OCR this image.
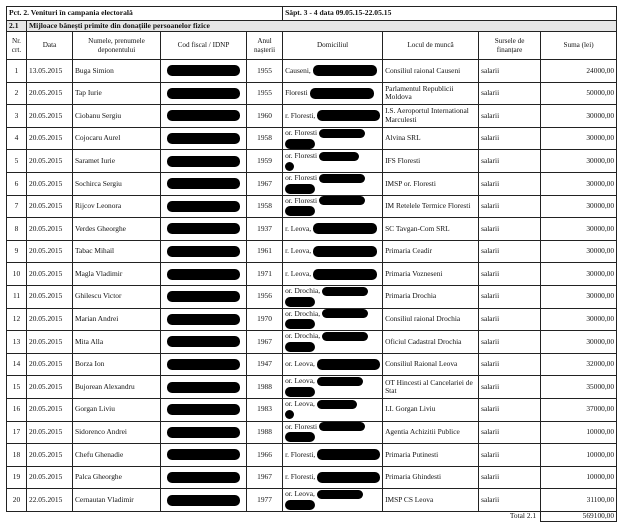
Pct. 2. Venituri în campania electorală					Săpt. 3 - 4 data 09.05.15-22.05.15			
2.1	Mijloace bănești primite din donațiile persoanelor fizice							
Nr. crt.	Data	Numele, prenumele deponentului	Cod fiscal / IDNP	Anul nașterii	Domiciliul	Locul de muncă	Sursele de finanțare	Suma (lei)
1	13.05.2015	Buga Simion		1955	Causeni,	Consiliul raional Causeni	salarii	24000,00
2	20.05.2015	Tap Iurie		1955	Floresti	Parlamentul Republicii Moldova	salarii	50000,00
3	20.05.2015	Ciobanu Sergiu		1960	r. Floresti,	I.S. Aeroportul International Marculesti	salarii	30000,00
4	20.05.2015	Cojocaru Aurel		1958	or. Floresti	Alvina SRL	salarii	30000,00
5	20.05.2015	Saramet Iurie		1959	or. Floresti	IFS Floresti	salarii	30000,00
6	20.05.2015	Sochirca Sergiu		1967	or. Floresti	IMSP or. Floresti	salarii	30000,00
7	20.05.2015	Rijcov Leonora		1958	or. Floresti	IM Retelele Termice Floresti	salarii	30000,00
8	20.05.2015	Verdes Gheorghe		1937	r. Leova,	SC Tavgan-Com SRL	salarii	30000,00
9	20.05.2015	Tabac Mihail		1961	r. Leova,	Primaria Ceadir	salarii	30000,00
10	20.05.2015	Magla Vladimir		1971	r. Leova,	Primaria Vozneseni	salarii	30000,00
11	20.05.2015	Ghilescu Victor		1956	or. Drochia,	Primaria Drochia	salarii	30000,00
12	20.05.2015	Marian Andrei		1970	or. Drochia,	Consiliul raional Drochia	salarii	30000,00
13	20.05.2015	Mita Alla		1967	or. Drochia,	Oficiul Cadastral Drochia	salarii	30000,00
14	20.05.2015	Borza Ion		1947	or. Leova,	Consiliul Raional Leova	salarii	32000,00
15	20.05.2015	Bujorean Alexandru		1988	or. Leova,	OT Hincesti al Cancelariei de Stat	salarii	35000,00
16	20.05.2015	Gorgan Liviu		1983	or. Leova,	I.I. Gorgan Liviu	salarii	37000,00
17	20.05.2015	Sidorenco Andrei		1988	or. Floresti	Agentia Achizitii Publice	salarii	10000,00
18	20.05.2015	Chefu Ghenadie		1966	r. Floresti,	Primaria Putinesti	salarii	10000,00
19	20.05.2015	Palca Gheorghe		1967	r. Floresti,	Primaria Ghindesti	salarii	10000,00
20	22.05.2015	Cernautan Vladimir		1977	or. Leova,	IMSP CS Leova	salarii	31100,00
Total 2.1								569100,00
